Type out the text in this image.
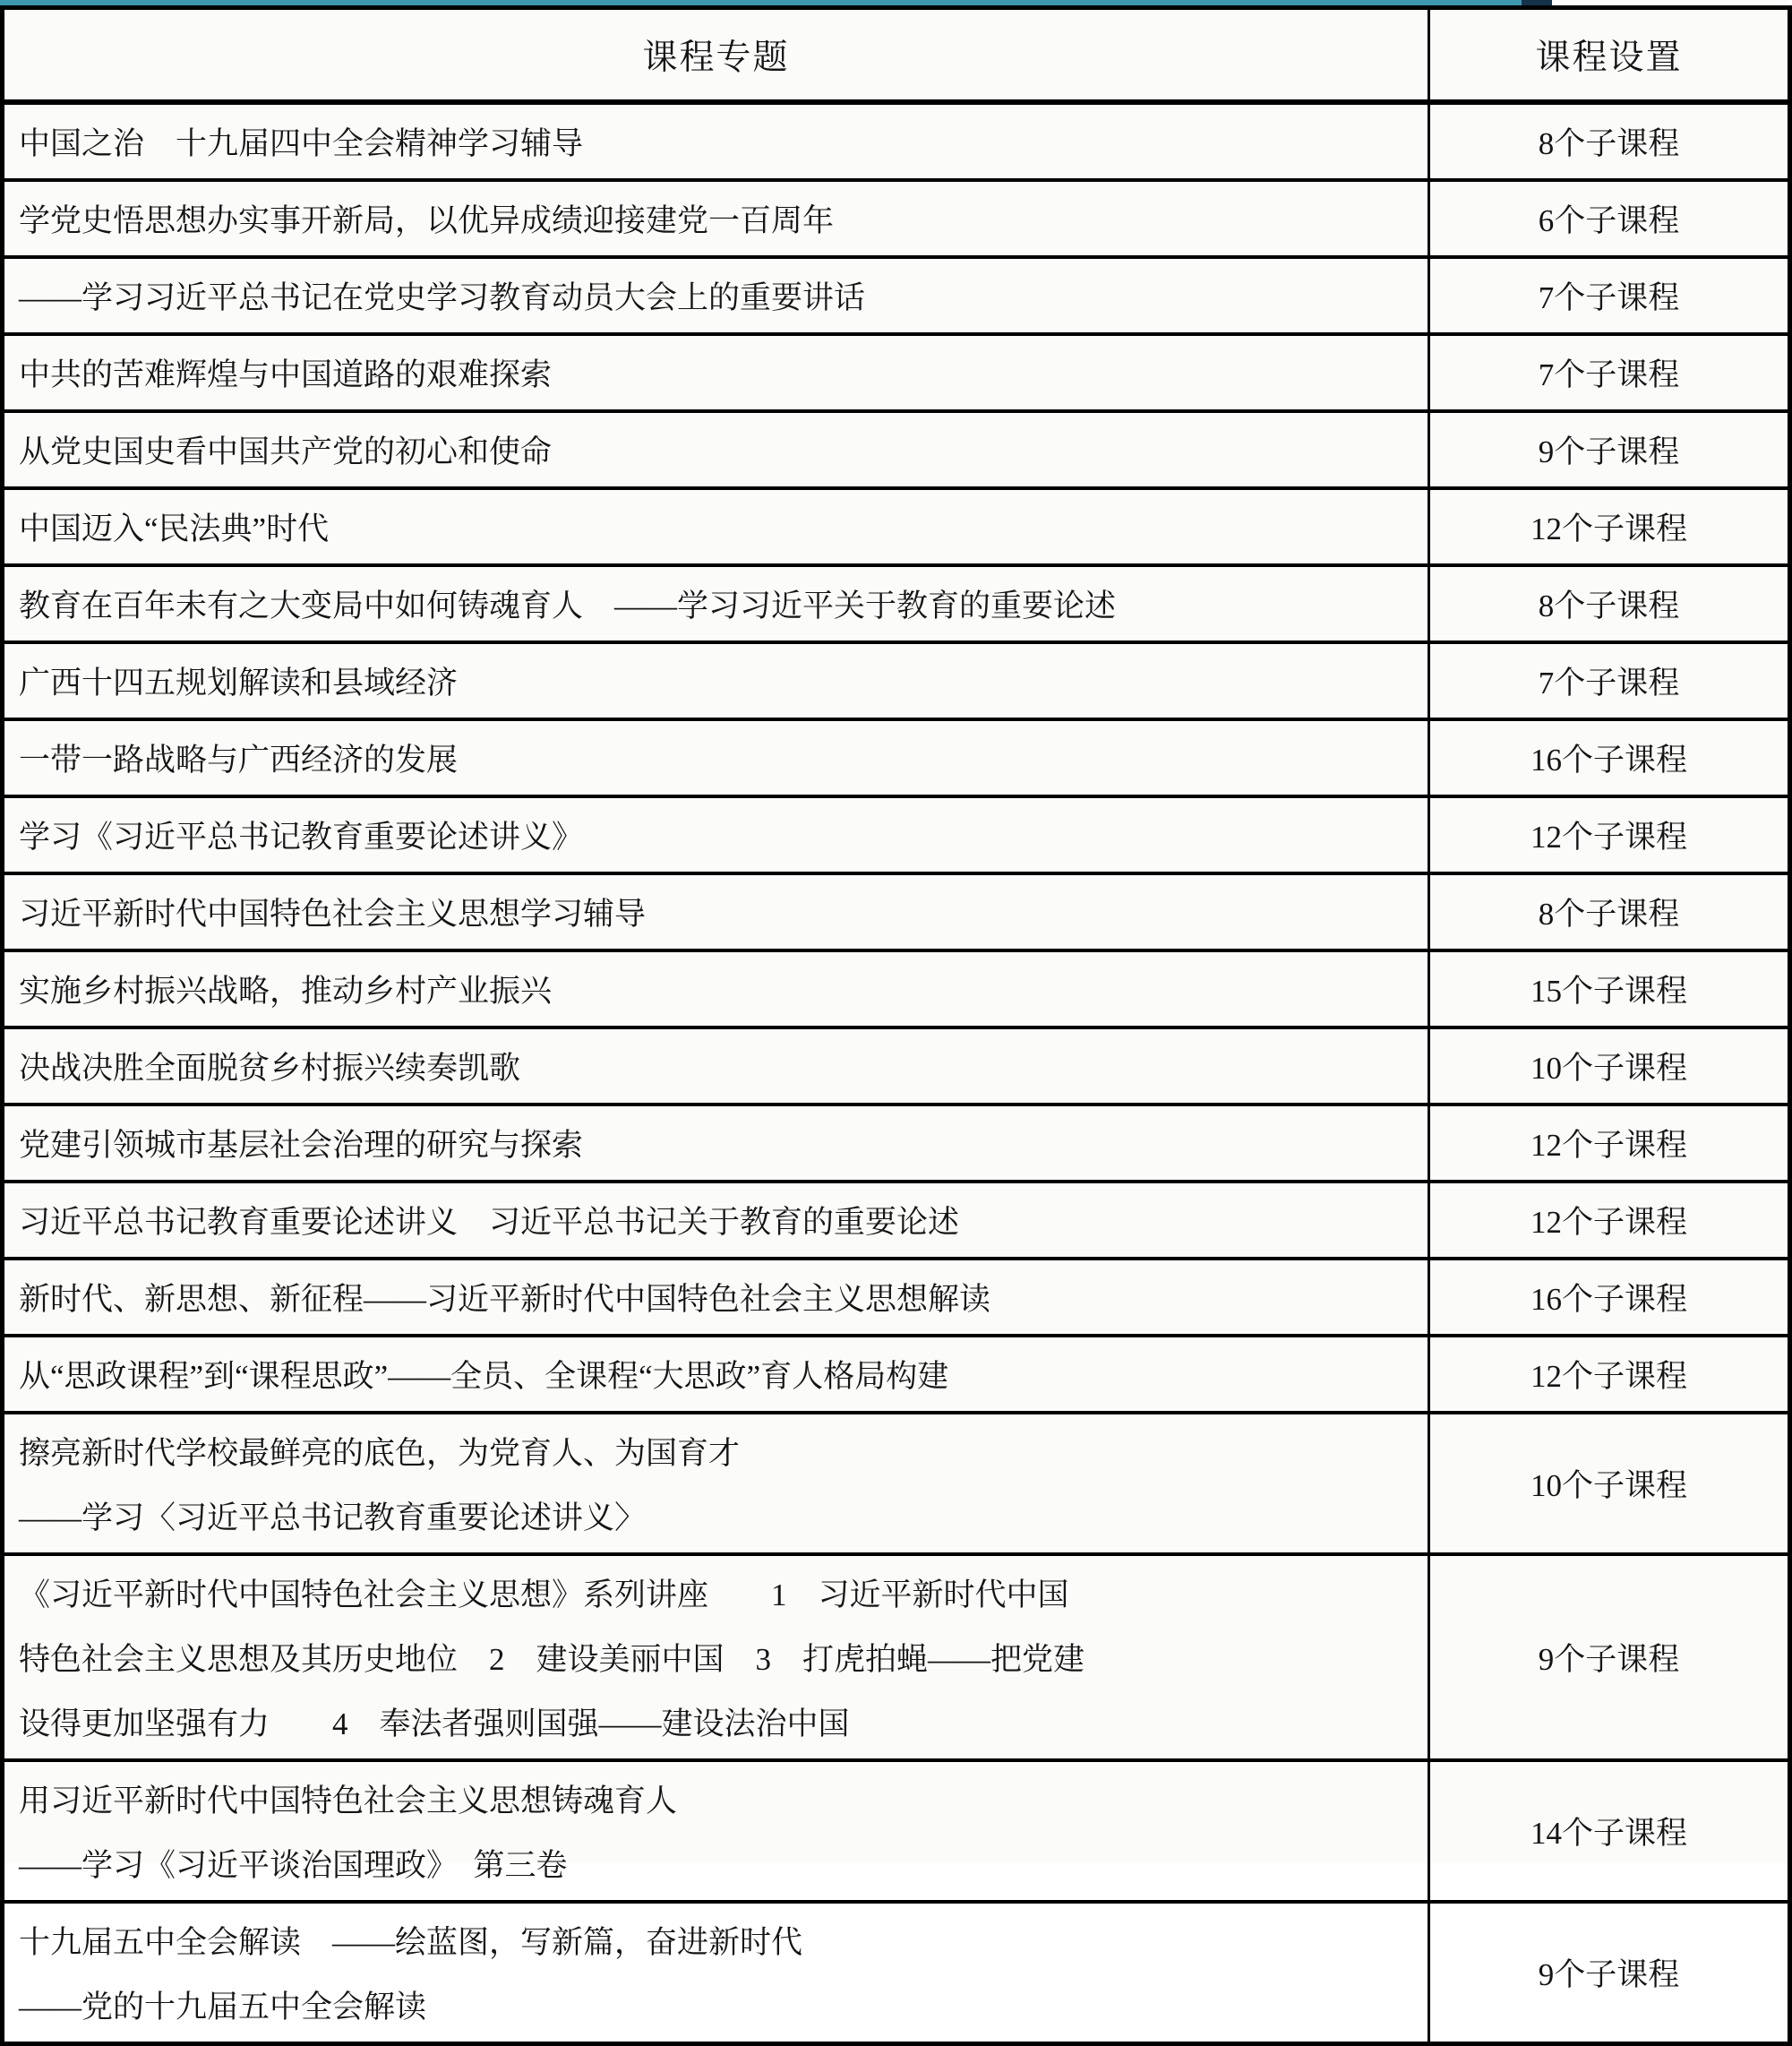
课程专题	课程设置

中国之治　十九届四中全会精神学习辅导	8个子课程

学党史悟思想办实事开新局，以优异成绩迎接建党一百周年	6个子课程

——学习习近平总书记在党史学习教育动员大会上的重要讲话	7个子课程

中共的苦难辉煌与中国道路的艰难探索	7个子课程

从党史国史看中国共产党的初心和使命	9个子课程

中国迈入“民法典”时代	12个子课程

教育在百年未有之大变局中如何铸魂育人　——学习习近平关于教育的重要论述	8个子课程

广西十四五规划解读和县域经济	7个子课程

一带一路战略与广西经济的发展	16个子课程

学习《习近平总书记教育重要论述讲义》	12个子课程

习近平新时代中国特色社会主义思想学习辅导	8个子课程

实施乡村振兴战略，推动乡村产业振兴	15个子课程

决战决胜全面脱贫乡村振兴续奏凯歌	10个子课程

党建引领城市基层社会治理的研究与探索	12个子课程

习近平总书记教育重要论述讲义　习近平总书记关于教育的重要论述	12个子课程

新时代、新思想、新征程——习近平新时代中国特色社会主义思想解读	16个子课程

从“思政课程”到“课程思政”——全员、全课程“大思政”育人格局构建	12个子课程

擦亮新时代学校最鲜亮的底色，为党育人、为国育才
——学习〈习近平总书记教育重要论述讲义〉	10个子课程

《习近平新时代中国特色社会主义思想》系列讲座　　1　习近平新时代中国
特色社会主义思想及其历史地位　2　建设美丽中国　3　打虎拍蝇——把党建
设得更加坚强有力　　4　奉法者强则国强——建设法治中国	9个子课程

用习近平新时代中国特色社会主义思想铸魂育人
——学习《习近平谈治国理政》　第三卷	14个子课程

十九届五中全会解读　——绘蓝图，写新篇，奋进新时代
——党的十九届五中全会解读	9个子课程
